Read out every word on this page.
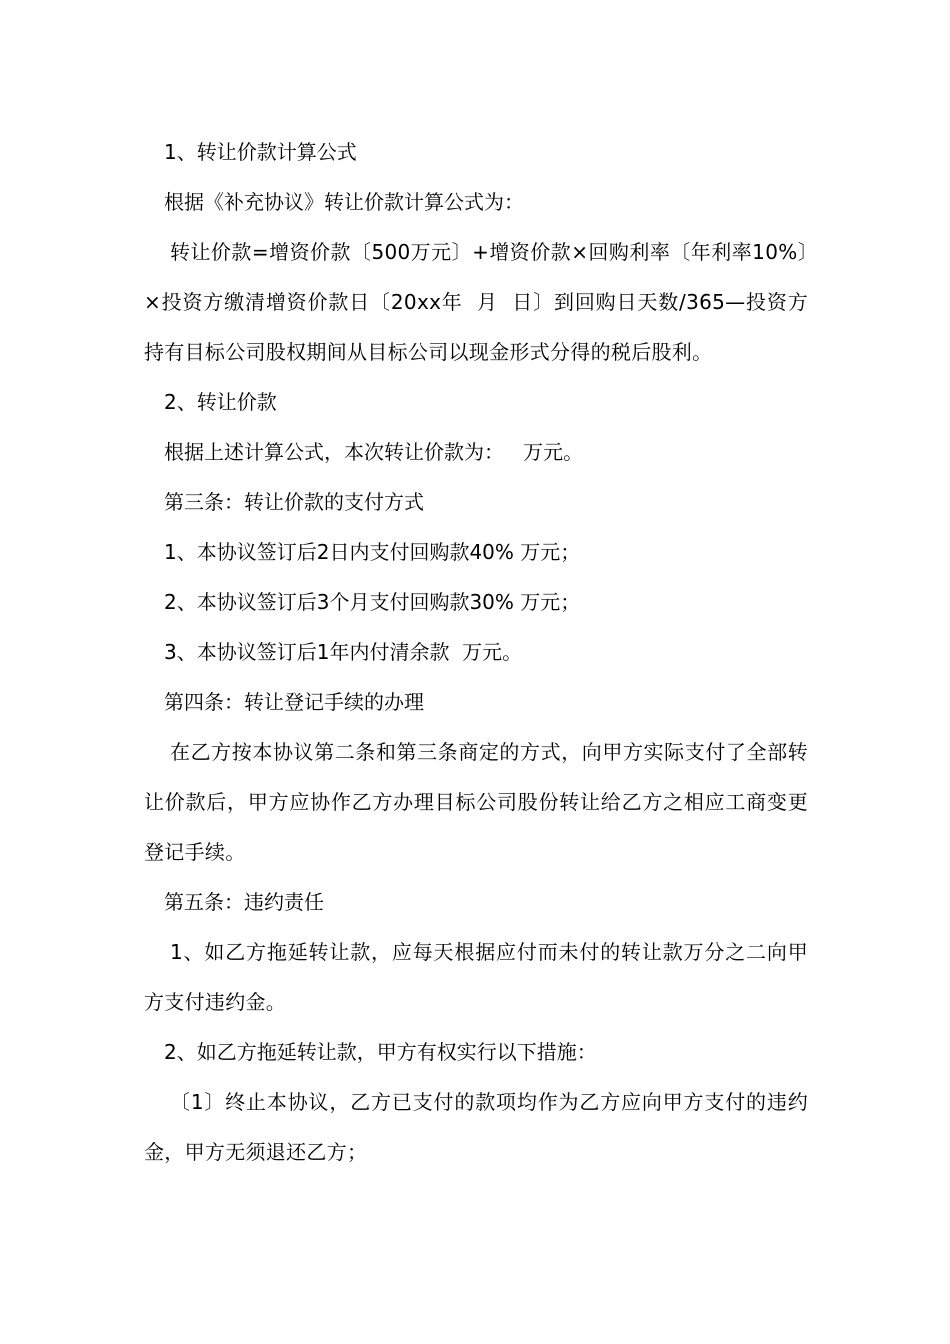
1、转让价款计算公式

根据《补充协议》转让价款计算公式为：

转让价款=增资价款〔500万元〕+增资价款×回购利率〔年利率10%〕×投资方缴清增资价款日〔20xx年  月  日〕到回购日天数/365—投资方持有目标公司股权期间从目标公司以现金形式分得的税后股利。

2、转让价款

根据上述计算公式，本次转让价款为：   万元。

第三条：转让价款的支付方式

1、本协议签订后2日内支付回购款40% 万元；

2、本协议签订后3个月支付回购款30% 万元；

3、本协议签订后1年内付清余款  万元。

第四条：转让登记手续的办理

在乙方按本协议第二条和第三条商定的方式，向甲方实际支付了全部转让价款后，甲方应协作乙方办理目标公司股份转让给乙方之相应工商变更登记手续。

第五条：违约责任

1、如乙方拖延转让款，应每天根据应付而未付的转让款万分之二向甲方支付违约金。

2、如乙方拖延转让款，甲方有权实行以下措施：

〔1〕终止本协议，乙方已支付的款项均作为乙方应向甲方支付的违约金，甲方无须退还乙方；
